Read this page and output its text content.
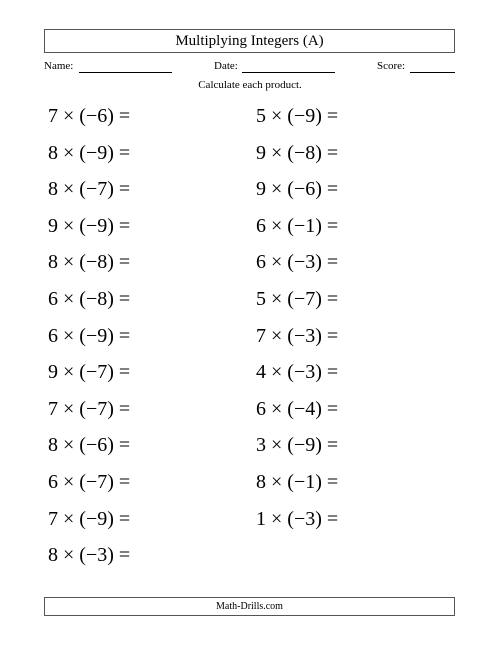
Multiplying Integers (A)
Name:	Date:	Score:
Calculate each product.
7 × (−6) =
8 × (−9) =
8 × (−7) =
9 × (−9) =
8 × (−8) =
6 × (−8) =
6 × (−9) =
9 × (−7) =
7 × (−7) =
8 × (−6) =
6 × (−7) =
7 × (−9) =
8 × (−3) =
5 × (−9) =
9 × (−8) =
9 × (−6) =
6 × (−1) =
6 × (−3) =
5 × (−7) =
7 × (−3) =
4 × (−3) =
6 × (−4) =
3 × (−9) =
8 × (−1) =
1 × (−3) =
Math-Drills.com
